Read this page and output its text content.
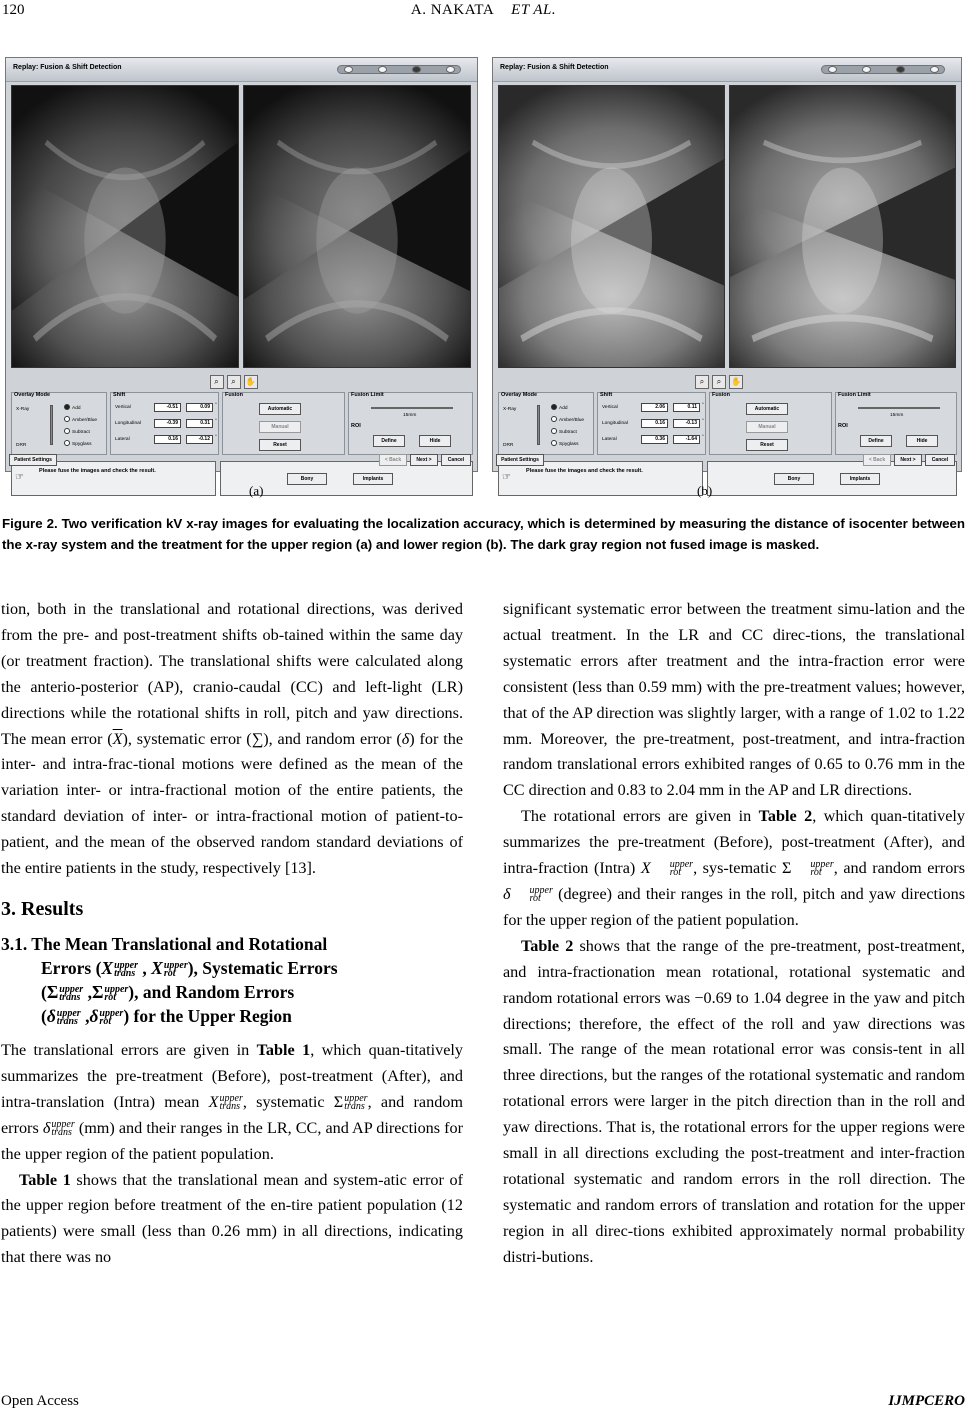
120	A. NAKATA ET AL.
Replay: Fusion & Shift Detection
⌕ ⌕ ✋
Overlay Mode
X-Ray
DRR
Add
Amber/Blue
Subtract
Spyglass
Shift
Vertical	-0.51	0.09	°
Longitudinal	-0.39	0.31	°
Lateral	0.16	-0.12	°
Fusion
Automatic
Manual
Reset
Fusion Limit
15mm
ROI
Define	Hide
☞
Please fuse the images and check the result.
Bony	Implants
Patient Settings	< Back	Next >	Cancel
Replay: Fusion & Shift Detection
⌕ ⌕ ✋
Overlay Mode
X-Ray
DRR
Add
Amber/Blue
Subtract
Spyglass
Shift
Vertical	2.06	0.11	°
Longitudinal	0.16	-0.13	°
Lateral	0.36	-1.64	°
Fusion
Automatic
Manual
Reset
Fusion Limit
15mm
ROI
Define	Hide
☞
Please fuse the images and check the result.
Bony	Implants
Patient Settings	< Back	Next >	Cancel
(a)	(b)
Figure 2. Two verification kV x-ray images for evaluating the localization accuracy, which is determined by measuring the distance of isocenter between the x-ray system and the treatment for the upper region (a) and lower region (b). The dark gray region not fused image is masked.

tion, both in the translational and rotational directions, was derived from the pre- and post-treatment shifts ob-tained within the same day (or treatment fraction). The translational shifts were calculated along the anterio-posterior (AP), cranio-caudal (CC) and left-light (LR) directions while the rotational shifts in roll, pitch and yaw directions. The mean error $(\overline{X})$, systematic error (∑), and random error (δ) for the inter- and intra-frac-tional motions were defined as the mean of the variation inter- or intra-fractional motion of the entire patients, the standard deviation of inter- or intra-fractional motion of patient-to-patient, and the mean of the observed random standard deviations of the entire patients in the study, respectively [13].

3. Results
3.1. The Mean Translational and Rotational
Errors (X upper
trans , X upper
rot ), Systematic Errors
(Σ upper
trans ,Σ upper
rot ), and Random Errors
(δ upper
trans ,δ upper
rot ) for the Upper Region

The translational errors are given in Table 1, which quan-titatively summarizes the pre-treatment (Before), post-treatment (After), and intra-translation (Intra) mean X upper
trans , systematic Σ upper
trans , and random errors δ upper
trans (mm) and their ranges in the LR, CC, and AP directions for the upper region of the patient population.

Table 1 shows that the translational mean and system-atic error of the upper region before treatment of the en-tire patient population (12 patients) were small (less than 0.26 mm) in all directions, indicating that there was no

significant systematic error between the treatment simu-lation and the actual treatment. In the LR and CC direc-tions, the translational systematic errors after treatment and the intra-fraction error were consistent (less than 0.59 mm) with the pre-treatment values; however, that of the AP direction was slightly larger, with a range of 1.02 to 1.22 mm. Moreover, the pre-treatment, post-treatment, and intra-fraction random translational errors exhibited ranges of 0.65 to 0.76 mm in the CC direction and 0.83 to 2.04 mm in the AP and LR directions.

The rotational errors are given in Table 2, which quan-titatively summarizes the pre-treatment (Before), post-treatment (After), and intra-fraction (Intra) X	upper
rot , sys-tematic Σ	upper
rot , and random errors δ	upper
rot (degree) and their ranges in the roll, pitch and yaw directions for the upper region of the patient population.

Table 2 shows that the range of the pre-treatment, post-treatment, and intra-fractionation mean rotational, rotational systematic and random rotational errors was −0.69 to 1.04 degree in the yaw and pitch directions; therefore, the effect of the roll and yaw directions was small. The range of the mean rotational error was consis-tent in all three directions, but the ranges of the rotational systematic and random rotational errors were larger in the pitch direction than in the roll and yaw directions. That is, the rotational errors for the upper regions were small in all directions excluding the post-treatment and inter-fraction rotational systematic and random errors in the roll direction. The systematic and random errors of translation and rotation for the upper region in all direc-tions exhibited approximately normal probability distri-butions.

Open Access	IJMPCERO
